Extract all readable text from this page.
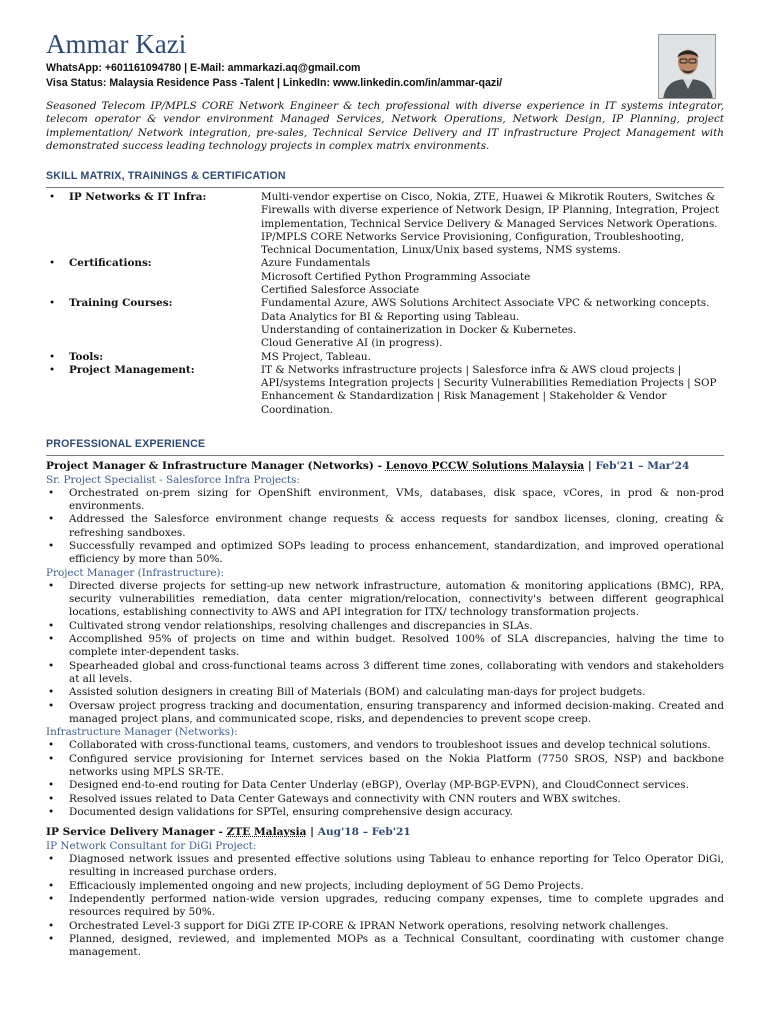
Ammar Kazi
WhatsApp: +601161094780 | E-Mail: ammarkazi.aq@gmail.com
Visa Status: Malaysia Residence Pass -Talent | LinkedIn: www.linkedin.com/in/ammar-qazi/
Seasoned Telecom IP/MPLS CORE Network Engineer & tech professional with diverse experience in IT systems integrator, telecom operator & vendor environment Managed Services, Network Operations, Network Design, IP Planning, project implementation/ Network integration, pre-sales, Technical Service Delivery and IT infrastructure Project Management with demonstrated success leading technology projects in complex matrix environments.
SKILL MATRIX, TRAININGS & CERTIFICATION
•	IP Networks & IT Infra:	Multi-vendor expertise on Cisco, Nokia, ZTE, Huawei & Mikrotik Routers, Switches &
Firewalls with diverse experience of Network Design, IP Planning, Integration, Project
implementation, Technical Service Delivery & Managed Services Network Operations.
IP/MPLS CORE Networks Service Provisioning, Configuration, Troubleshooting,
Technical Documentation, Linux/Unix based systems, NMS systems.
•	Certifications:	Azure Fundamentals
Microsoft Certified Python Programming Associate
Certified Salesforce Associate
•	Training Courses:	Fundamental Azure, AWS Solutions Architect Associate VPC & networking concepts.
Data Analytics for BI & Reporting using Tableau.
Understanding of containerization in Docker & Kubernetes.
Cloud Generative AI (in progress).
•	Tools:	MS Project, Tableau.
•	Project Management:	IT & Networks infrastructure projects | Salesforce infra & AWS cloud projects |
API/systems Integration projects | Security Vulnerabilities Remediation Projects | SOP
Enhancement & Standardization | Risk Management | Stakeholder & Vendor
Coordination.
PROFESSIONAL EXPERIENCE
Project Manager & Infrastructure Manager (Networks) - Lenovo PCCW Solutions Malaysia | Feb'21 – Mar'24
Sr. Project Specialist - Salesforce Infra Projects:
• Orchestrated on-prem sizing for OpenShift environment, VMs, databases, disk space, vCores, in prod & non-prod environments.
• Addressed the Salesforce environment change requests & access requests for sandbox licenses, cloning, creating & refreshing sandboxes.
• Successfully revamped and optimized SOPs leading to process enhancement, standardization, and improved operational efficiency by more than 50%.
Project Manager (Infrastructure):
• Directed diverse projects for setting-up new network infrastructure, automation & monitoring applications (BMC), RPA, security vulnerabilities remediation, data center migration/relocation, connectivity's between different geographical locations, establishing connectivity to AWS and API integration for ITX/ technology transformation projects.
• Cultivated strong vendor relationships, resolving challenges and discrepancies in SLAs.
• Accomplished 95% of projects on time and within budget. Resolved 100% of SLA discrepancies, halving the time to complete inter-dependent tasks.
• Spearheaded global and cross-functional teams across 3 different time zones, collaborating with vendors and stakeholders at all levels.
• Assisted solution designers in creating Bill of Materials (BOM) and calculating man-days for project budgets.
• Oversaw project progress tracking and documentation, ensuring transparency and informed decision-making. Created and managed project plans, and communicated scope, risks, and dependencies to prevent scope creep.
Infrastructure Manager (Networks):
• Collaborated with cross-functional teams, customers, and vendors to troubleshoot issues and develop technical solutions.
• Configured service provisioning for Internet services based on the Nokia Platform (7750 SROS, NSP) and backbone networks using MPLS SR-TE.
• Designed end-to-end routing for Data Center Underlay (eBGP), Overlay (MP-BGP-EVPN), and CloudConnect services.
• Resolved issues related to Data Center Gateways and connectivity with CNN routers and WBX switches.
• Documented design validations for SPTel, ensuring comprehensive design accuracy.
IP Service Delivery Manager - ZTE Malaysia | Aug'18 – Feb'21
IP Network Consultant for DiGi Project:
• Diagnosed network issues and presented effective solutions using Tableau to enhance reporting for Telco Operator DiGi, resulting in increased purchase orders.
• Efficaciously implemented ongoing and new projects, including deployment of 5G Demo Projects.
• Independently performed nation-wide version upgrades, reducing company expenses, time to complete upgrades and resources required by 50%.
• Orchestrated Level-3 support for DiGi ZTE IP-CORE & IPRAN Network operations, resolving network challenges.
• Planned, designed, reviewed, and implemented MOPs as a Technical Consultant, coordinating with customer change management.
